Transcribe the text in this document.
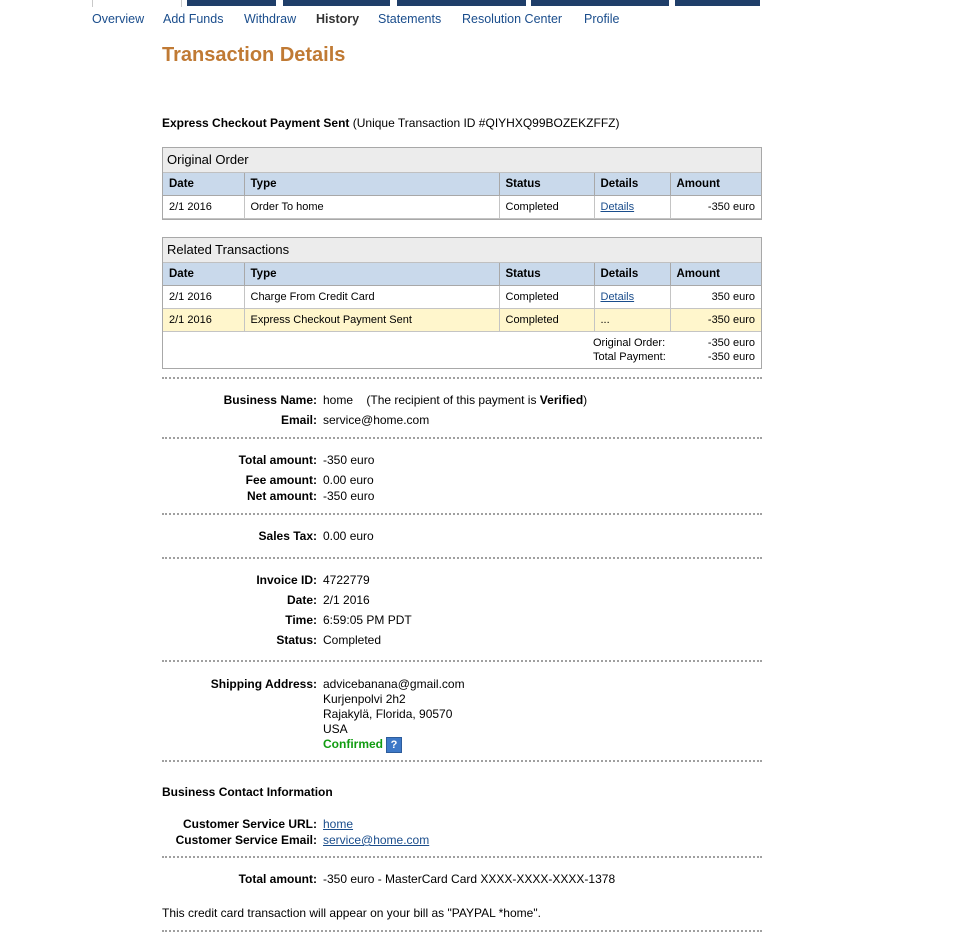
Overview Add Funds Withdraw History Statements Resolution Center Profile
Transaction Details
Express Checkout Payment Sent (Unique Transaction ID #QIYHXQ99BOZEKZFFZ)
Original Order
Date	Type	Status	Details	Amount
2/1 2016	Order To home	Completed	Details	-350 euro
Related Transactions
Date	Type	Status	Details	Amount
2/1 2016	Charge From Credit Card	Completed	Details	350 euro
2/1 2016	Express Checkout Payment Sent	Completed	...	-350 euro
Original Order:	-350 euro
Total Payment:	-350 euro
Business Name: home (The recipient of this payment is Verified)
Email: service@home.com
Total amount: -350 euro
Fee amount: 0.00 euro
Net amount: -350 euro
Sales Tax: 0.00 euro
Invoice ID: 4722779
Date: 2/1 2016
Time: 6:59:05 PM PDT
Status: Completed
Shipping Address: advicebanana@gmail.com
Kurjenpolvi 2h2
Rajakylä, Florida, 90570
USA
Confirmed ?
Business Contact Information
Customer Service URL: home
Customer Service Email: service@home.com
Total amount: -350 euro - MasterCard Card XXXX-XXXX-XXXX-1378
This credit card transaction will appear on your bill as "PAYPAL *home".
